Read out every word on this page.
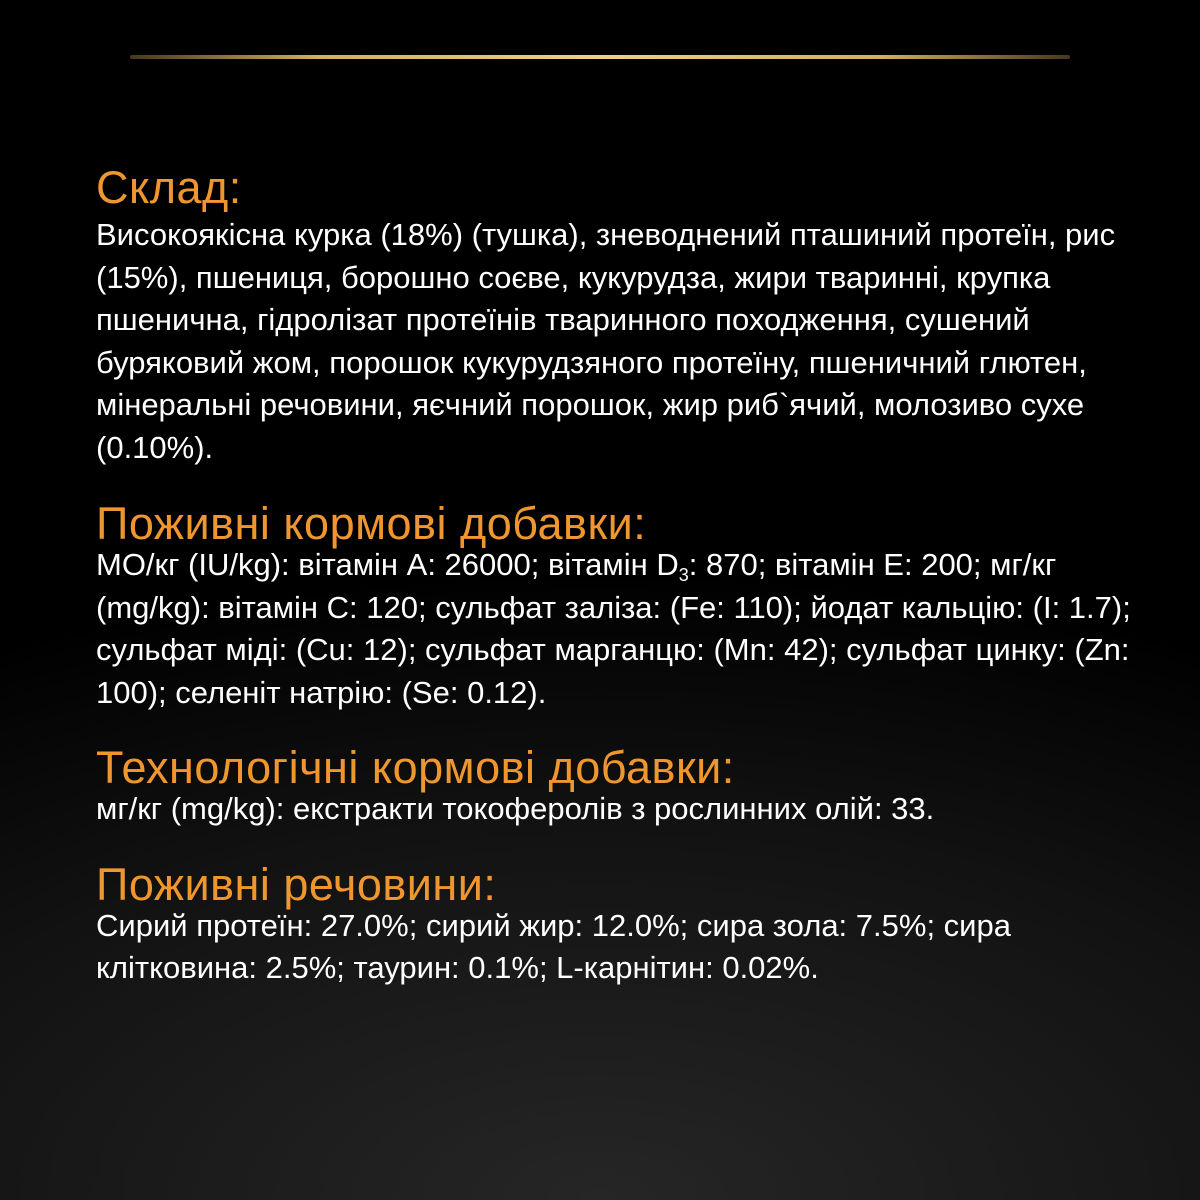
Склад:

Високоякісна курка (18%) (тушка), зневоднений пташиний протеїн, рис (15%), пшениця, борошно соєве, кукурудза, жири тваринні, крупка пшенична, гідролізат протеїнів тваринного походження, сушений буряковий жом, порошок кукурудзяного протеїну, пшеничний глютен, мінеральні речовини, яєчний порошок, жир риб`ячий, молозиво сухе (0.10%).

Поживні кормові добавки:

МО/кг (IU/kg): вітамін А: 26000; вітамін $D_3$: 870; вітамін Е: 200; мг/кг (mg/kg): вітамін С: 120; сульфат заліза: (Fe: 110); йодат кальцію: (I: 1.7); сульфат міді: (Cu: 12); сульфат марганцю: (Mn: 42); сульфат цинку: (Zn: 100); селеніт натрію: (Se: 0.12).

Технологічні кормові добавки:

мг/кг (mg/kg): екстракти токоферолів з рослинних олій: 33.

Поживні речовини:

Сирий протеїн: 27.0%; сирий жир: 12.0%; сира зола: 7.5%; сира клітковина: 2.5%; таурин: 0.1%; L-карнітин: 0.02%.
